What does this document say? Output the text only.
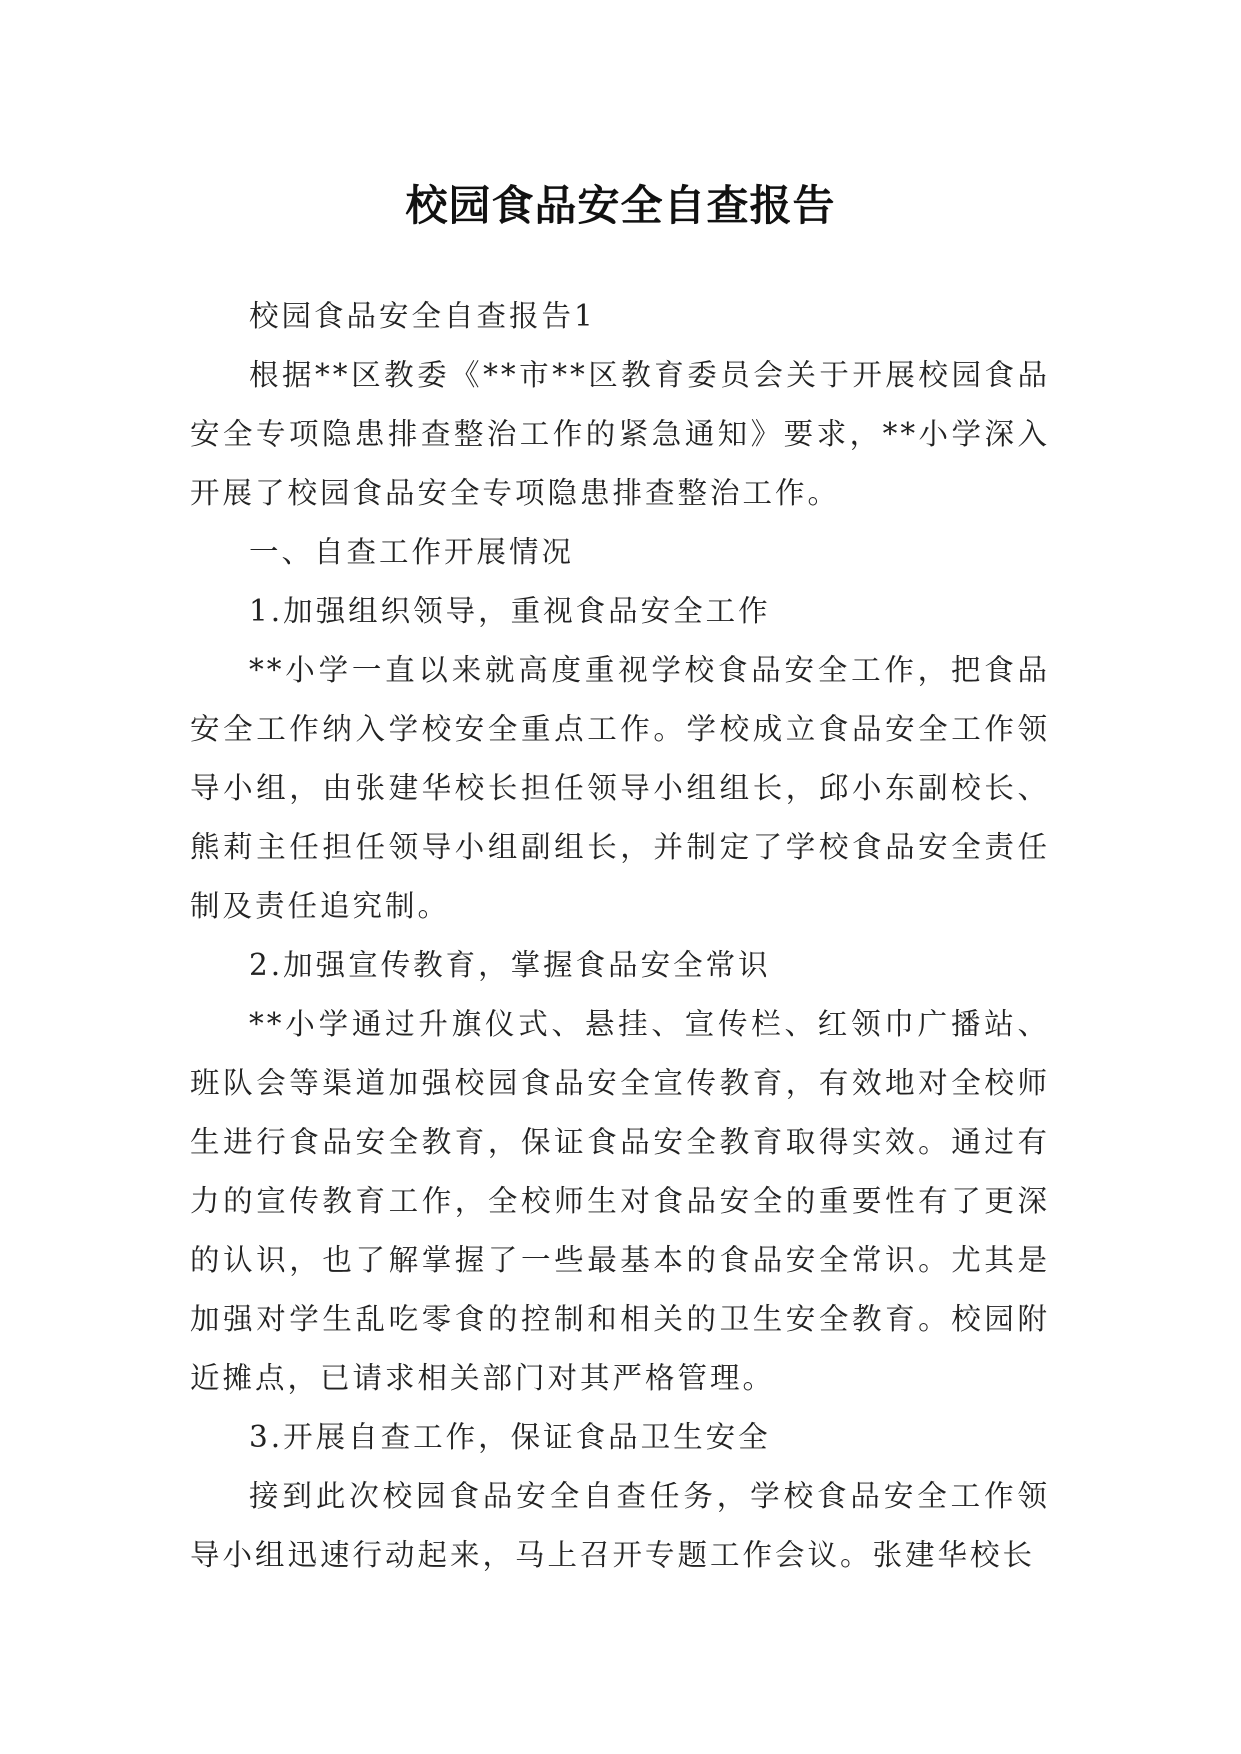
校园食品安全自查报告

校园食品安全自查报告1

根据**区教委《**市**区教育委员会关于开展校园食品安全专项隐患排查整治工作的紧急通知》要求，**小学深入开展了校园食品安全专项隐患排查整治工作。

一、自查工作开展情况

1.加强组织领导，重视食品安全工作

**小学一直以来就高度重视学校食品安全工作，把食品安全工作纳入学校安全重点工作。学校成立食品安全工作领导小组，由张建华校长担任领导小组组长，邱小东副校长、熊莉主任担任领导小组副组长，并制定了学校食品安全责任制及责任追究制。

2.加强宣传教育，掌握食品安全常识

**小学通过升旗仪式、悬挂、宣传栏、红领巾广播站、班队会等渠道加强校园食品安全宣传教育，有效地对全校师生进行食品安全教育，保证食品安全教育取得实效。通过有力的宣传教育工作，全校师生对食品安全的重要性有了更深的认识，也了解掌握了一些最基本的食品安全常识。尤其是加强对学生乱吃零食的控制和相关的卫生安全教育。校园附近摊点，已请求相关部门对其严格管理。

3.开展自查工作，保证食品卫生安全

接到此次校园食品安全自查任务，学校食品安全工作领导小组迅速行动起来，马上召开专题工作会议。张建华校长
